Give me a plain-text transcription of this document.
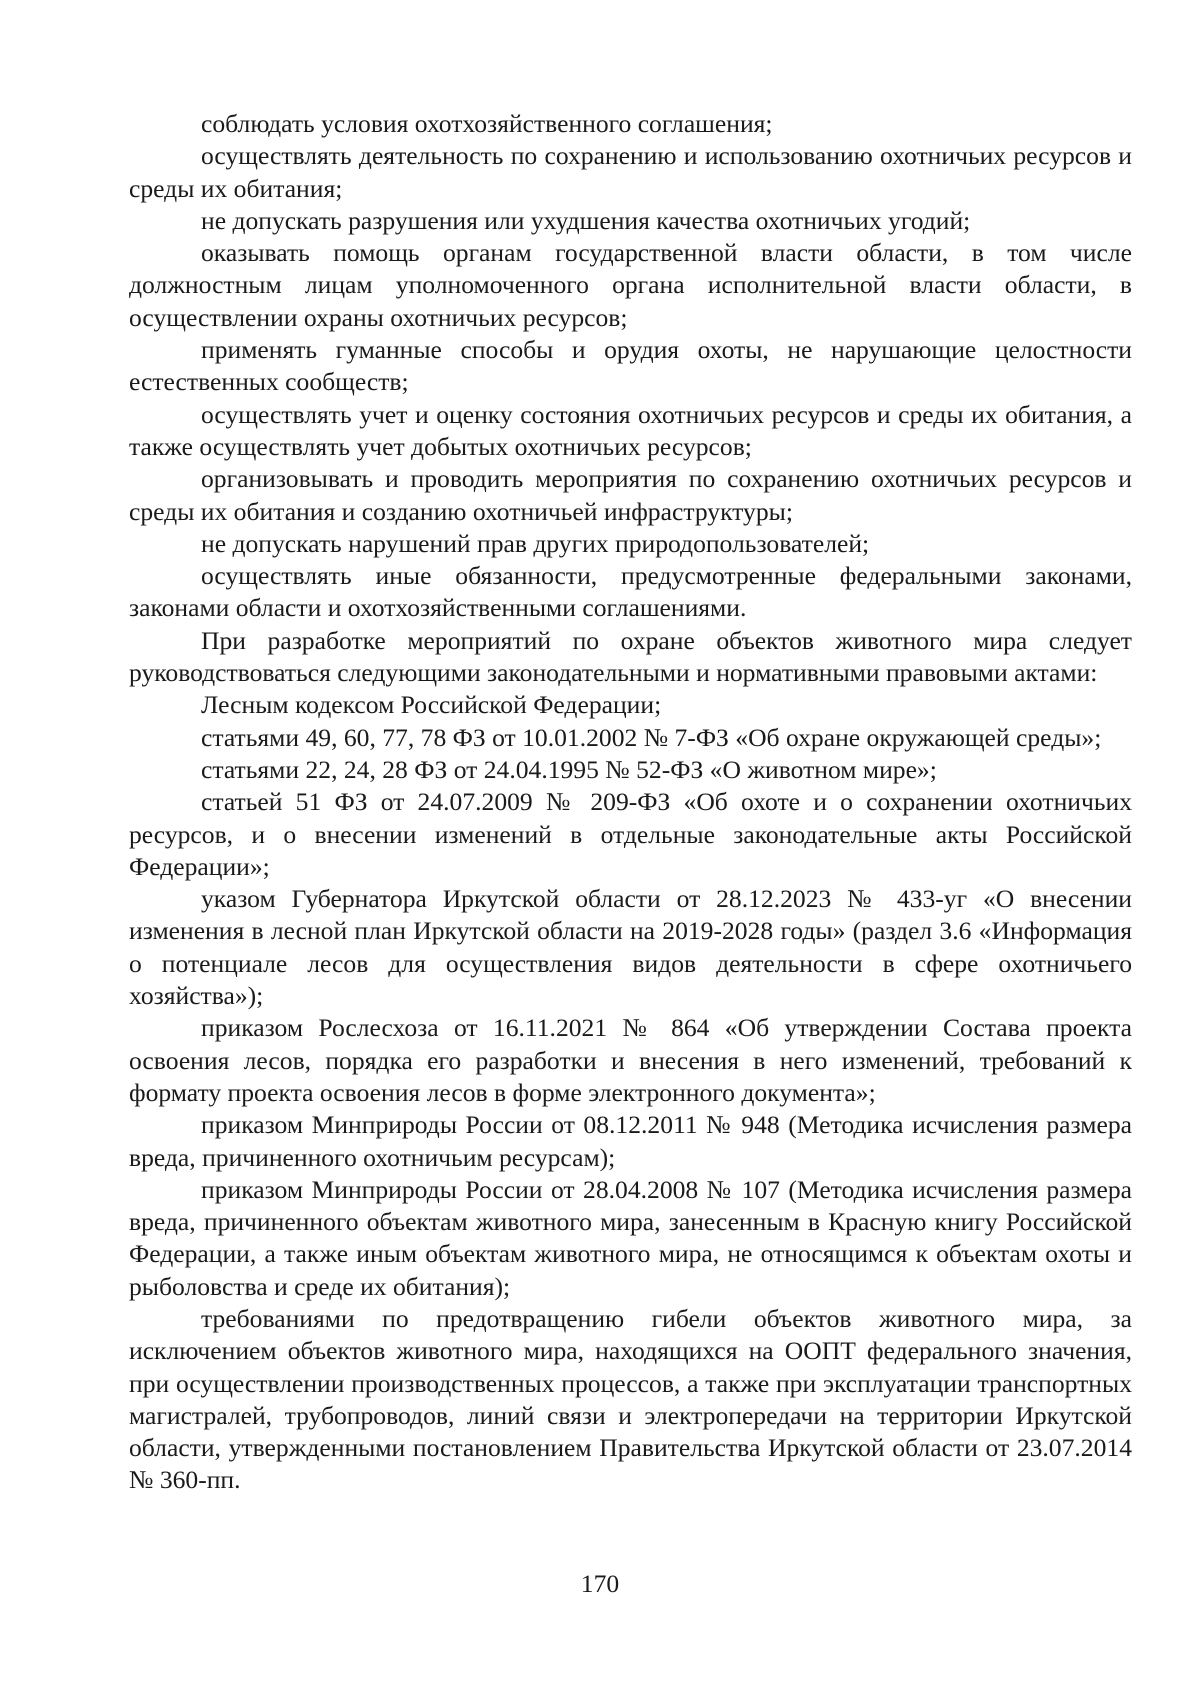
соблюдать условия охотхозяйственного соглашения;

осуществлять деятельность по сохранению и использованию охотничьих ресурсов и среды их обитания;

не допускать разрушения или ухудшения качества охотничьих угодий;

оказывать помощь органам государственной власти области, в том числе должностным лицам уполномоченного органа исполнительной власти области, в осуществлении охраны охотничьих ресурсов;

применять гуманные способы и орудия охоты, не нарушающие целостности естественных сообществ;

осуществлять учет и оценку состояния охотничьих ресурсов и среды их обитания, а также осуществлять учет добытых охотничьих ресурсов;

организовывать и проводить мероприятия по сохранению охотничьих ресурсов и среды их обитания и созданию охотничьей инфраструктуры;

не допускать нарушений прав других природопользователей;

осуществлять иные обязанности, предусмотренные федеральными законами, законами области и охотхозяйственными соглашениями.

При разработке мероприятий по охране объектов животного мира следует руководствоваться следующими законодательными и нормативными правовыми актами:

Лесным кодексом Российской Федерации;

статьями 49, 60, 77, 78 ФЗ от 10.01.2002 № 7-ФЗ «Об охране окружающей среды»;

статьями 22, 24, 28 ФЗ от 24.04.1995 № 52-ФЗ «О животном мире»;

статьей 51 ФЗ от 24.07.2009 № 209-ФЗ «Об охоте и о сохранении охотничьих ресурсов, и о внесении изменений в отдельные законодательные акты Российской Федерации»;

указом Губернатора Иркутской области от 28.12.2023 № 433-уг «О внесении изменения в лесной план Иркутской области на 2019-2028 годы» (раздел 3.6 «Информация о потенциале лесов для осуществления видов деятельности в сфере охотничьего хозяйства»);

приказом Рослесхоза от 16.11.2021 № 864 «Об утверждении Состава проекта освоения лесов, порядка его разработки и внесения в него изменений, требований к формату проекта освоения лесов в форме электронного документа»;

приказом Минприроды России от 08.12.2011 № 948 (Методика исчисления размера вреда, причиненного охотничьим ресурсам);

приказом Минприроды России от 28.04.2008 № 107 (Методика исчисления размера вреда, причиненного объектам животного мира, занесенным в Красную книгу Российской Федерации, а также иным объектам животного мира, не относящимся к объектам охоты и рыболовства и среде их обитания);

требованиями по предотвращению гибели объектов животного мира, за исключением объектов животного мира, находящихся на ООПТ федерального значения, при осуществлении производственных процессов, а также при эксплуатации транспортных магистралей, трубопроводов, линий связи и электропередачи на территории Иркутской области, утвержденными постановлением Правительства Иркутской области от 23.07.2014 № 360-пп.

170
